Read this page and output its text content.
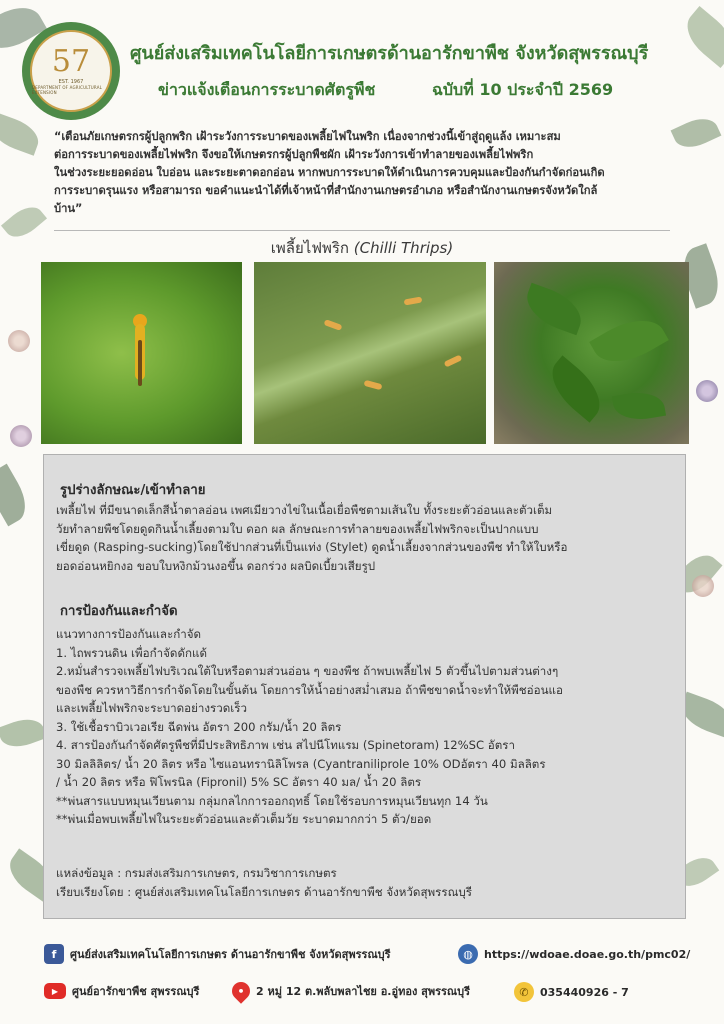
57
EST. 1967
DEPARTMENT OF AGRICULTURAL EXTENSION
ศูนย์ส่งเสริมเทคโนโลยีการเกษตรด้านอารักขาพืช จังหวัดสุพรรณบุรี
ข่าวแจ้งเตือนการระบาดศัตรูพืช	ฉบับที่ 10 ประจำปี 2569
“เตือนภัยเกษตรกรผู้ปลูกพริก เฝ้าระวังการระบาดของเพลี้ยไฟในพริก เนื่องจากช่วงนี้เข้าสู่ฤดูแล้ง เหมาะสม
ต่อการระบาดของเพลี้ยไฟพริก จึงขอให้เกษตรกรผู้ปลูกพืชผัก เฝ้าระวังการเข้าทำลายของเพลี้ยไฟพริก
ในช่วงระยะยอดอ่อน ใบอ่อน และระยะตาดอกอ่อน หากพบการระบาดให้ดำเนินการควบคุมและป้องกันกำจัดก่อนเกิด
การระบาดรุนแรง หรือสามารถ ขอคำแนะนำได้ที่เจ้าหน้าที่สำนักงานเกษตรอำเภอ หรือสำนักงานเกษตรจังหวัดใกล้
บ้าน”
เพลี้ยไฟพริก (Chilli Thrips)
รูปร่างลักษณะ/เข้าทำลาย
เพลี้ยไฟ ที่มีขนาดเล็กสีน้ำตาลอ่อน เพศเมียวางไข่ในเนื้อเยื่อพืชตามเส้นใบ ทั้งระยะตัวอ่อนและตัวเต็ม
วัยทำลายพืชโดยดูดกินน้ำเลี้ยงตามใบ ดอก ผล ลักษณะการทำลายของเพลี้ยไฟพริกจะเป็นปากแบบ
เขี่ยดูด (Rasping-sucking)โดยใช้ปากส่วนที่เป็นแท่ง (Stylet) ดูดน้ำเลี้ยงจากส่วนของพืช ทำให้ใบหรือ
ยอดอ่อนหยิกงอ ขอบใบหงิกม้วนงอขึ้น ดอกร่วง ผลบิดเบี้ยวเสียรูป
การป้องกันและกำจัด
แนวทางการป้องกันและกำจัด
1. ไถพรวนดิน เพื่อกำจัดดักแด้
2.หมั่นสำรวจเพลี้ยไฟบริเวณใต้ใบหรือตามส่วนอ่อน ๆ ของพืช ถ้าพบเพลี้ยไฟ 5 ตัวขึ้นไปตามส่วนต่างๆ
ของพืช ควรหาวิธีการกำจัดโดยในขั้นต้น โดยการให้น้ำอย่างสม่ำเสมอ ถ้าพืชขาดน้ำจะทำให้พืชอ่อนแอ
และเพลี้ยไฟพริกจะระบาดอย่างรวดเร็ว
3. ใช้เชื้อราบิวเวอเรีย ฉีดพ่น อัตรา 200 กรัม/น้ำ 20 ลิตร
4. สารป้องกันกำจัดศัตรูพืชที่มีประสิทธิภาพ เช่น สไปนีโทแรม (Spinetoram) 12%SC อัตรา
30 มิลลิลิตร/ น้ำ 20 ลิตร หรือ ไซแอนทรานิลิโพรล (Cyantraniliprole 10% ODอัตรา 40 มิลลิตร
/ น้ำ 20 ลิตร หรือ ฟิโพรนิล (Fipronil) 5% SC อัตรา 40 มล/ น้ำ 20 ลิตร
**พ่นสารแบบหมุนเวียนตาม กลุ่มกลไกการออกฤทธิ์ โดยใช้รอบการหมุนเวียนทุก 14 วัน
**พ่นเมื่อพบเพลี้ยไฟในระยะตัวอ่อนและตัวเต็มวัย ระบาดมากกว่า 5 ตัว/ยอด
แหล่งข้อมูล : กรมส่งเสริมการเกษตร, กรมวิชาการเกษตร
เรียบเรียงโดย : ศูนย์ส่งเสริมเทคโนโลยีการเกษตร ด้านอารักขาพืช จังหวัดสุพรรณบุรี
f	ศูนย์ส่งเสริมเทคโนโลยีการเกษตร ด้านอารักขาพืช จังหวัดสุพรรณบุรี	◍	https://wdoae.doae.go.th/pmc02/
▶	ศูนย์อารักขาพืช สุพรรณบุรี	• 2 หมู่ 12 ต.พลับพลาไชย อ.อู่ทอง สุพรรณบุรี	✆	035440926 - 7
